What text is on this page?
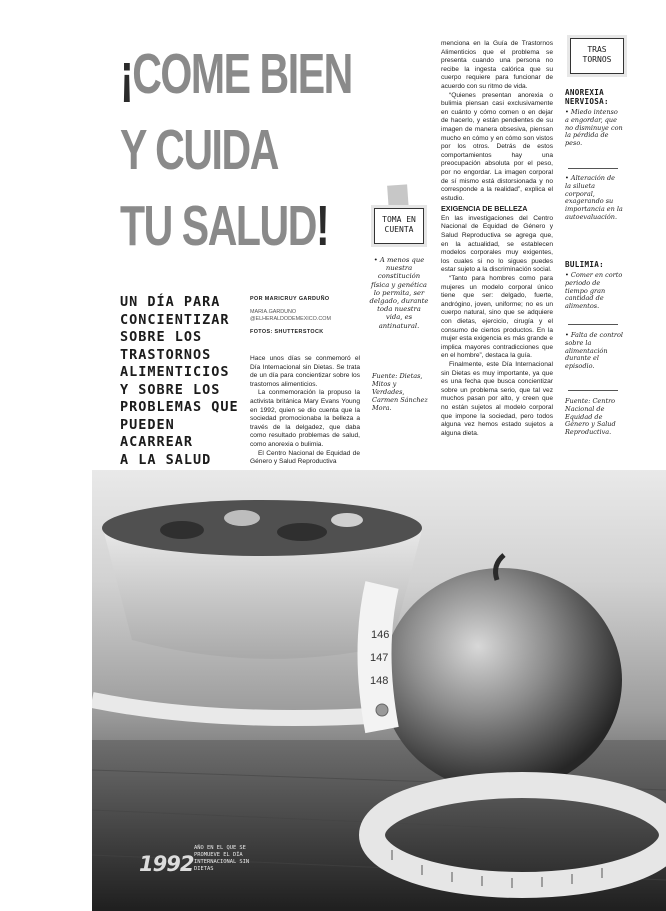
146
147
148
¡COME BIEN
Y CUIDA
TU SALUD!
UN DÍA PARA
CONCIENTIZAR
SOBRE LOS
TRASTORNOS
ALIMENTICIOS
Y SOBRE LOS
PROBLEMAS QUE
PUEDEN ACARREAR
A LA SALUD
POR MARICRUY GARDUÑO
MARIA.GARDUNO
@ELHERALDODEMEXICO.COM
FOTOS: SHUTTERSTOCK

Hace unos días se conmemoró el Día Internacional sin Dietas. Se trata de un día para concientizar sobre los trastornos alimenticios.

La conmemoración la propuso la activista británica Mary Evans Young en 1992, quien se dio cuenta que la sociedad promocionaba la belleza a través de la delgadez, que daba como resultado problemas de salud, como anorexia o bulimia.

El Centro Nacional de Equidad de Género y Salud Reproductiva

TOMA EN
CUENTA
• A menos que nuestra constitución física y genética lo permita, ser delgado, durante toda nuestra vida, es antinatural.
Fuente: Dietas, Mitos y Verdades, Carmen Sánchez Mora.

menciona en la Guía de Trastornos Alimenticios que el problema se presenta cuando una persona no recibe la ingesta calórica que su cuerpo requiere para funcionar de acuerdo con su ritmo de vida.

“Quienes presentan anorexia o bulimia piensan casi exclusivamente en cuánto y cómo comen o en dejar de hacerlo, y están pendientes de su imagen de manera obsesiva, piensan mucho en cómo y en cómo son vistos por los otros. Detrás de estos comportamientos hay una preocupación absoluta por el peso, por no engordar. La imagen corporal de sí mismo está distorsionada y no corresponde a la realidad”, explica el estudio.

EXIGENCIA DE BELLEZA

En las investigaciones del Centro Nacional de Equidad de Género y Salud Reproductiva se agrega que, en la actualidad, se establecen modelos corporales muy exigentes, los cuales si no lo sigues puedes estar sujeto a la discriminación social.

“Tanto para hombres como para mujeres un modelo corporal único tiene que ser: delgado, fuerte, andrógino, joven, uniforme; no es un cuerpo natural, sino que se adquiere con dietas, ejercicio, cirugía y el consumo de ciertos productos. En la mujer esta exigencia es más grande e implica mayores contradicciones que en el hombre”, destaca la guía.

Finalmente, este Día Internacional sin Dietas es muy importante, ya que es una fecha que busca concientizar sobre un problema serio, que tal vez muchos pasan por alto, y creen que no están sujetos al modelo corporal que impone la sociedad, pero todos alguna vez hemos estado sujetos a alguna dieta.

TRAS
TORNOS
ANOREXIA NERVIOSA:
• Miedo intenso a engordar, que no disminuye con la pérdida de peso.
• Alteración de la silueta corporal, exagerando su importancia en la autoevaluación.
BULIMIA:
• Comer en corto periodo de tiempo gran cantidad de alimentos.
• Falta de control sobre la alimentación durante el episodio.
Fuente: Centro Nacional de Equidad de Género y Salud Reproductiva.
1992
AÑO EN EL QUE SE PROMUEVE EL DÍA INTERNACIONAL SIN DIETAS
